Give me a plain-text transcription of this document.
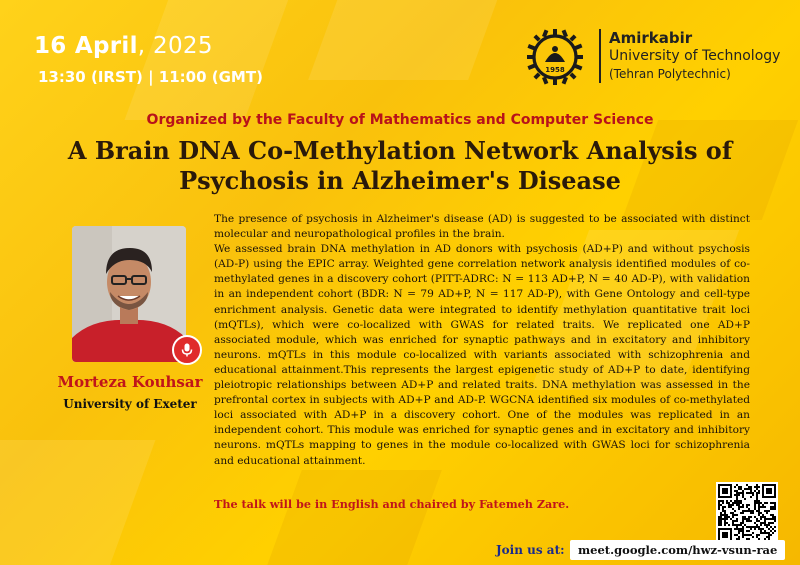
16 April, 2025
13:30 (IRST) | 11:00 (GMT)	1958
Amirkabir
University of Technology
(Tehran Polytechnic)
Organized by the Faculty of Mathematics and Computer Science
A Brain DNA Co-Methylation Network Analysis of
Psychosis in Alzheimer's Disease
Morteza Kouhsar
University of Exeter

The presence of psychosis in Alzheimer's disease (AD) is suggested to be associated with distinct molecular and neuropathological profiles in the brain.

We assessed brain DNA methylation in AD donors with psychosis (AD+P) and without psychosis (AD-P) using the EPIC array. Weighted gene correlation network analysis identified modules of co-methylated genes in a discovery cohort (PITT-ADRC: N = 113 AD+P, N = 40 AD-P), with validation in an independent cohort (BDR: N = 79 AD+P, N = 117 AD-P), with Gene Ontology and cell-type enrichment analysis. Genetic data were integrated to identify methylation quantitative trait loci (mQTLs), which were co-localized with GWAS for related traits. We replicated one AD+P associated module, which was enriched for synaptic pathways and in excitatory and inhibitory neurons. mQTLs in this module co-localized with variants associated with schizophrenia and educational attainment.This represents the largest epigenetic study of AD+P to date, identifying pleiotropic relationships between AD+P and related traits. DNA methylation was assessed in the prefrontal cortex in subjects with AD+P and AD-P. WGCNA identified six modules of co-methylated loci associated with AD+P in a discovery cohort. One of the modules was replicated in an independent cohort. This module was enriched for synaptic genes and in excitatory and inhibitory neurons. mQTLs mapping to genes in the module co-localized with GWAS loci for schizophrenia and educational attainment.

The talk will be in English and chaired by Fatemeh Zare.
Join us at:	meet.google.com/hwz-vsun-rae
